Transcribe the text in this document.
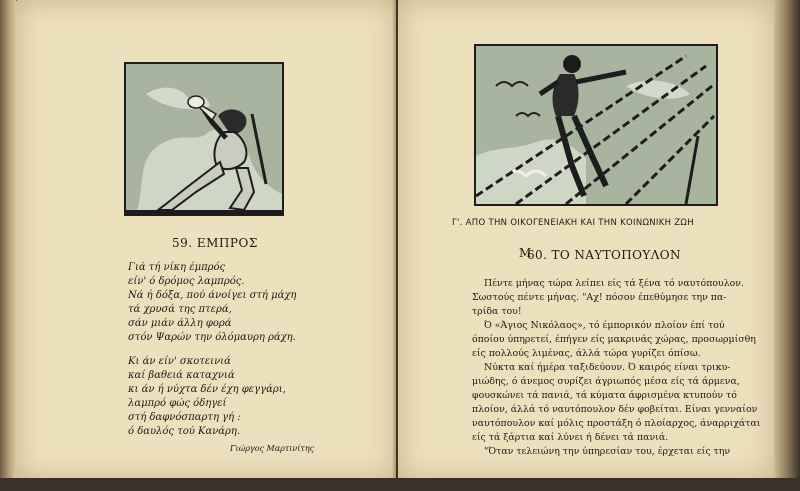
59. ΕΜΠΡΟΣ
Γιά τή νίκη έμπρός
είν' ό δρόμος λαμπρός.
Νά ή δόξα, πού άνοίγει στή μάχη
τά χρυσά της πτερά,
σάν μιάν άλλη φορά
στόν Ψαρών την όλόμαυρη ράχη.
Κι άν είν' σκοτεινιά
καί βαθειά καταχνιά
κι άν ή νύχτα δέν έχη φεγγάρι,
λαμπρό φώς όδηγεί
στή δαφνόσπαρτη γή :
ό δαυλός τού Κανάρη.
Γιώργος Μαρτινίτης
Γ'. ΑΠΟ ΤΗΝ ΟΙΚΟΓΕΝΕΙΑΚΗ ΚΑΙ ΤΗΝ ΚΟΙΝΩΝΙΚΗ ΖΩΗ
Μ
60. ΤΟ ΝΑΥΤΟΠΟΥΛΟΝ
Πέντε μήνας τώρα λείπει είς τά ξένα τό ναυτόπουλον.
Σωστούς πέντε μήνας. "Αχ! πόσον έπεθύμησε την πα-
τρίδα του!
Ό «Άγιος Νικόλαος», τό έμπορικόν πλοίον έπί τού
όποίου ύπηρετεί, έπήγεν είς μακρινάς χώρας, προσωρμίσθη
είς πολλούς λιμένας, άλλά τώρα γυρίζει όπίσω.
Νύκτα καί ήμέρα ταξιδεύουν. Ό καιρός είναι τρικυ-
μιώδης, ό άνεμος συρίζει άγριωπός μέσα είς τά άρμενα,
φουσκώνει τά πανιά, τά κύματα άφρισμένα κτυπούν τό
πλοίον, άλλά τό ναυτόπουλον δέν φοβείται. Είναι γενναίον
ναυτόπουλον καί μόλις προστάξη ό πλοίαρχος, άναρριχάται
είς τά ξάρτια καί λύνει ή δένει τά πανιά.
"Όταν τελειώνη την ύπηρεσίαν του, έρχεται είς την
